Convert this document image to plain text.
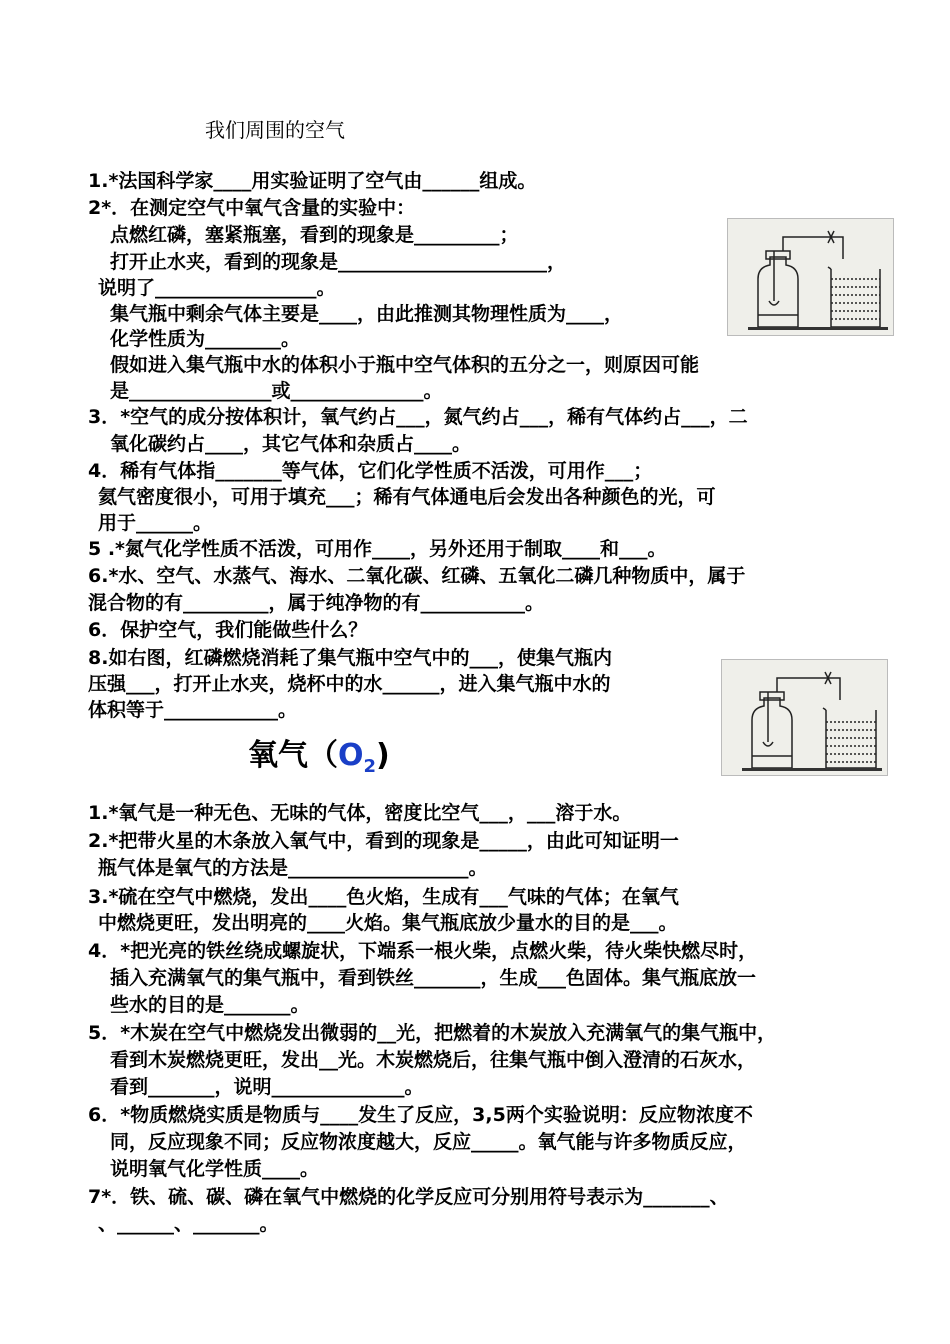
我们周围的空气
1.*法国科学家____用实验证明了空气由______组成。
2*．在测定空气中氧气含量的实验中：
点燃红磷，塞紧瓶塞，看到的现象是_________；
打开止水夹，看到的现象是______________________，
说明了_________________。
集气瓶中剩余气体主要是____，由此推测其物理性质为____，
化学性质为________。
假如进入集气瓶中水的体积小于瓶中空气体积的五分之一，则原因可能
是_______________或______________。
3．*空气的成分按体积计，氧气约占___，氮气约占___，稀有气体约占___，二
氧化碳约占____，其它气体和杂质占____。
4．稀有气体指_______等气体，它们化学性质不活泼，可用作___；
氦气密度很小，可用于填充___；稀有气体通电后会发出各种颜色的光，可
用于______。
5 .*氮气化学性质不活泼，可用作____，另外还用于制取____和___。
6.*水、空气、水蒸气、海水、二氧化碳、红磷、五氧化二磷几种物质中，属于
混合物的有_________，属于纯净物的有___________。
6．保护空气，我们能做些什么？
8.如右图，红磷燃烧消耗了集气瓶中空气中的___，使集气瓶内
压强___，打开止水夹，烧杯中的水______，进入集气瓶中水的
体积等于____________。
氧气$(O_2)$
1.*氧气是一种无色、无味的气体，密度比空气___，___溶于水。
2.*把带火星的木条放入氧气中，看到的现象是_____，由此可知证明一
瓶气体是氧气的方法是___________________。
3.*硫在空气中燃烧，发出____色火焰，生成有___气味的气体；在氧气
中燃烧更旺，发出明亮的____火焰。集气瓶底放少量水的目的是___。
4．*把光亮的铁丝绕成螺旋状，下端系一根火柴，点燃火柴，待火柴快燃尽时，
插入充满氧气的集气瓶中，看到铁丝_______，生成___色固体。集气瓶底放一
些水的目的是_______。
5．*木炭在空气中燃烧发出微弱的__光，把燃着的木炭放入充满氧气的集气瓶中，
看到木炭燃烧更旺，发出__光。木炭燃烧后，往集气瓶中倒入澄清的石灰水，
看到_______，说明______________。
6．*物质燃烧实质是物质与____发生了反应，3,5两个实验说明：反应物浓度不
同，反应现象不同；反应物浓度越大，反应_____。氧气能与许多物质反应，
说明氧气化学性质____。
7*．铁、硫、碳、磷在氧气中燃烧的化学反应可分别用符号表示为_______、
、______、_______。
